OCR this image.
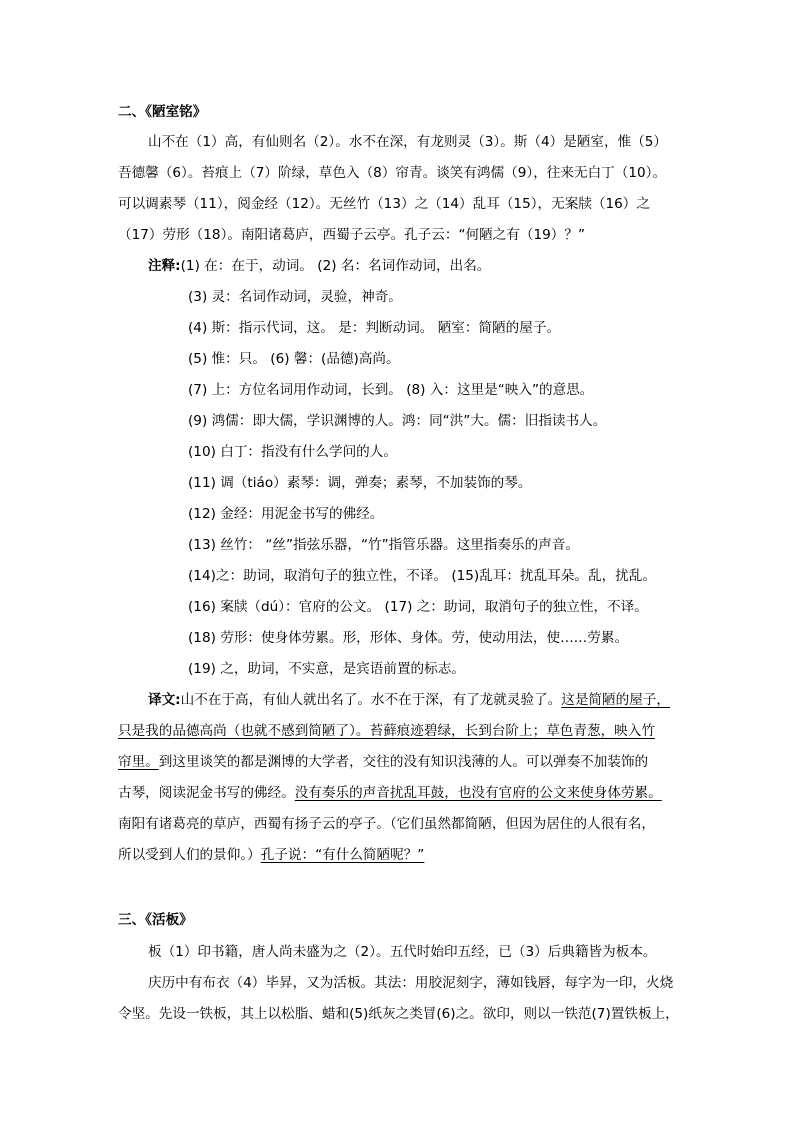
二、《陋室铭》
山不在（1）高，有仙则名（2）。水不在深，有龙则灵（3）。斯（4）是陋室，惟（5）
吾德馨（6）。苔痕上（7）阶绿，草色入（8）帘青。谈笑有鸿儒（9），往来无白丁（10）。
可以调素琴（11），阅金经（12）。无丝竹（13）之（14）乱耳（15），无案牍（16）之
（17）劳形（18）。南阳诸葛庐，西蜀子云亭。孔子云：“何陋之有（19）？”
注释:(1) 在：在于，动词。 (2) 名：名词作动词，出名。
(3) 灵：名词作动词，灵验，神奇。
(4) 斯：指示代词，这。 是：判断动词。 陋室：简陋的屋子。
(5) 惟：只。 (6) 馨：(品德)高尚。
(7) 上：方位名词用作动词，长到。 (8) 入：这里是“映入”的意思。
(9) 鸿儒：即大儒，学识渊博的人。鸿：同“洪”大。儒：旧指读书人。
(10) 白丁：指没有什么学问的人。
(11) 调（tiáo）素琴：调，弹奏；素琴，不加装饰的琴。
(12) 金经：用泥金书写的佛经。
(13) 丝竹： “丝”指弦乐器，“竹”指管乐器。这里指奏乐的声音。
(14)之：助词，取消句子的独立性，不译。 (15)乱耳：扰乱耳朵。乱，扰乱。
(16) 案牍（dú）：官府的公文。 (17) 之：助词，取消句子的独立性，不译。
(18) 劳形：使身体劳累。形，形体、身体。劳，使动用法，使……劳累。
(19) 之，助词，不实意，是宾语前置的标志。
译文:山不在于高，有仙人就出名了。水不在于深，有了龙就灵验了。这是简陋的屋子，
只是我的品德高尚（也就不感到简陋了）。苔藓痕迹碧绿，长到台阶上；草色青葱，映入竹
帘里。到这里谈笑的都是渊博的大学者，交往的没有知识浅薄的人。可以弹奏不加装饰的
古琴，阅读泥金书写的佛经。没有奏乐的声音扰乱耳鼓，也没有官府的公文来使身体劳累。
南阳有诸葛亮的草庐，西蜀有扬子云的亭子。（它们虽然都简陋，但因为居住的人很有名，
所以受到人们的景仰。）孔子说：“有什么简陋呢？”
三、《活板》
板（1）印书籍，唐人尚未盛为之（2）。五代时始印五经，已（3）后典籍皆为板本。
庆历中有布衣（4）毕昇，又为活板。其法：用胶泥刻字，薄如钱唇，每字为一印，火烧
令坚。先设一铁板，其上以松脂、蜡和(5)纸灰之类冒(6)之。欲印，则以一铁范(7)置铁板上，
